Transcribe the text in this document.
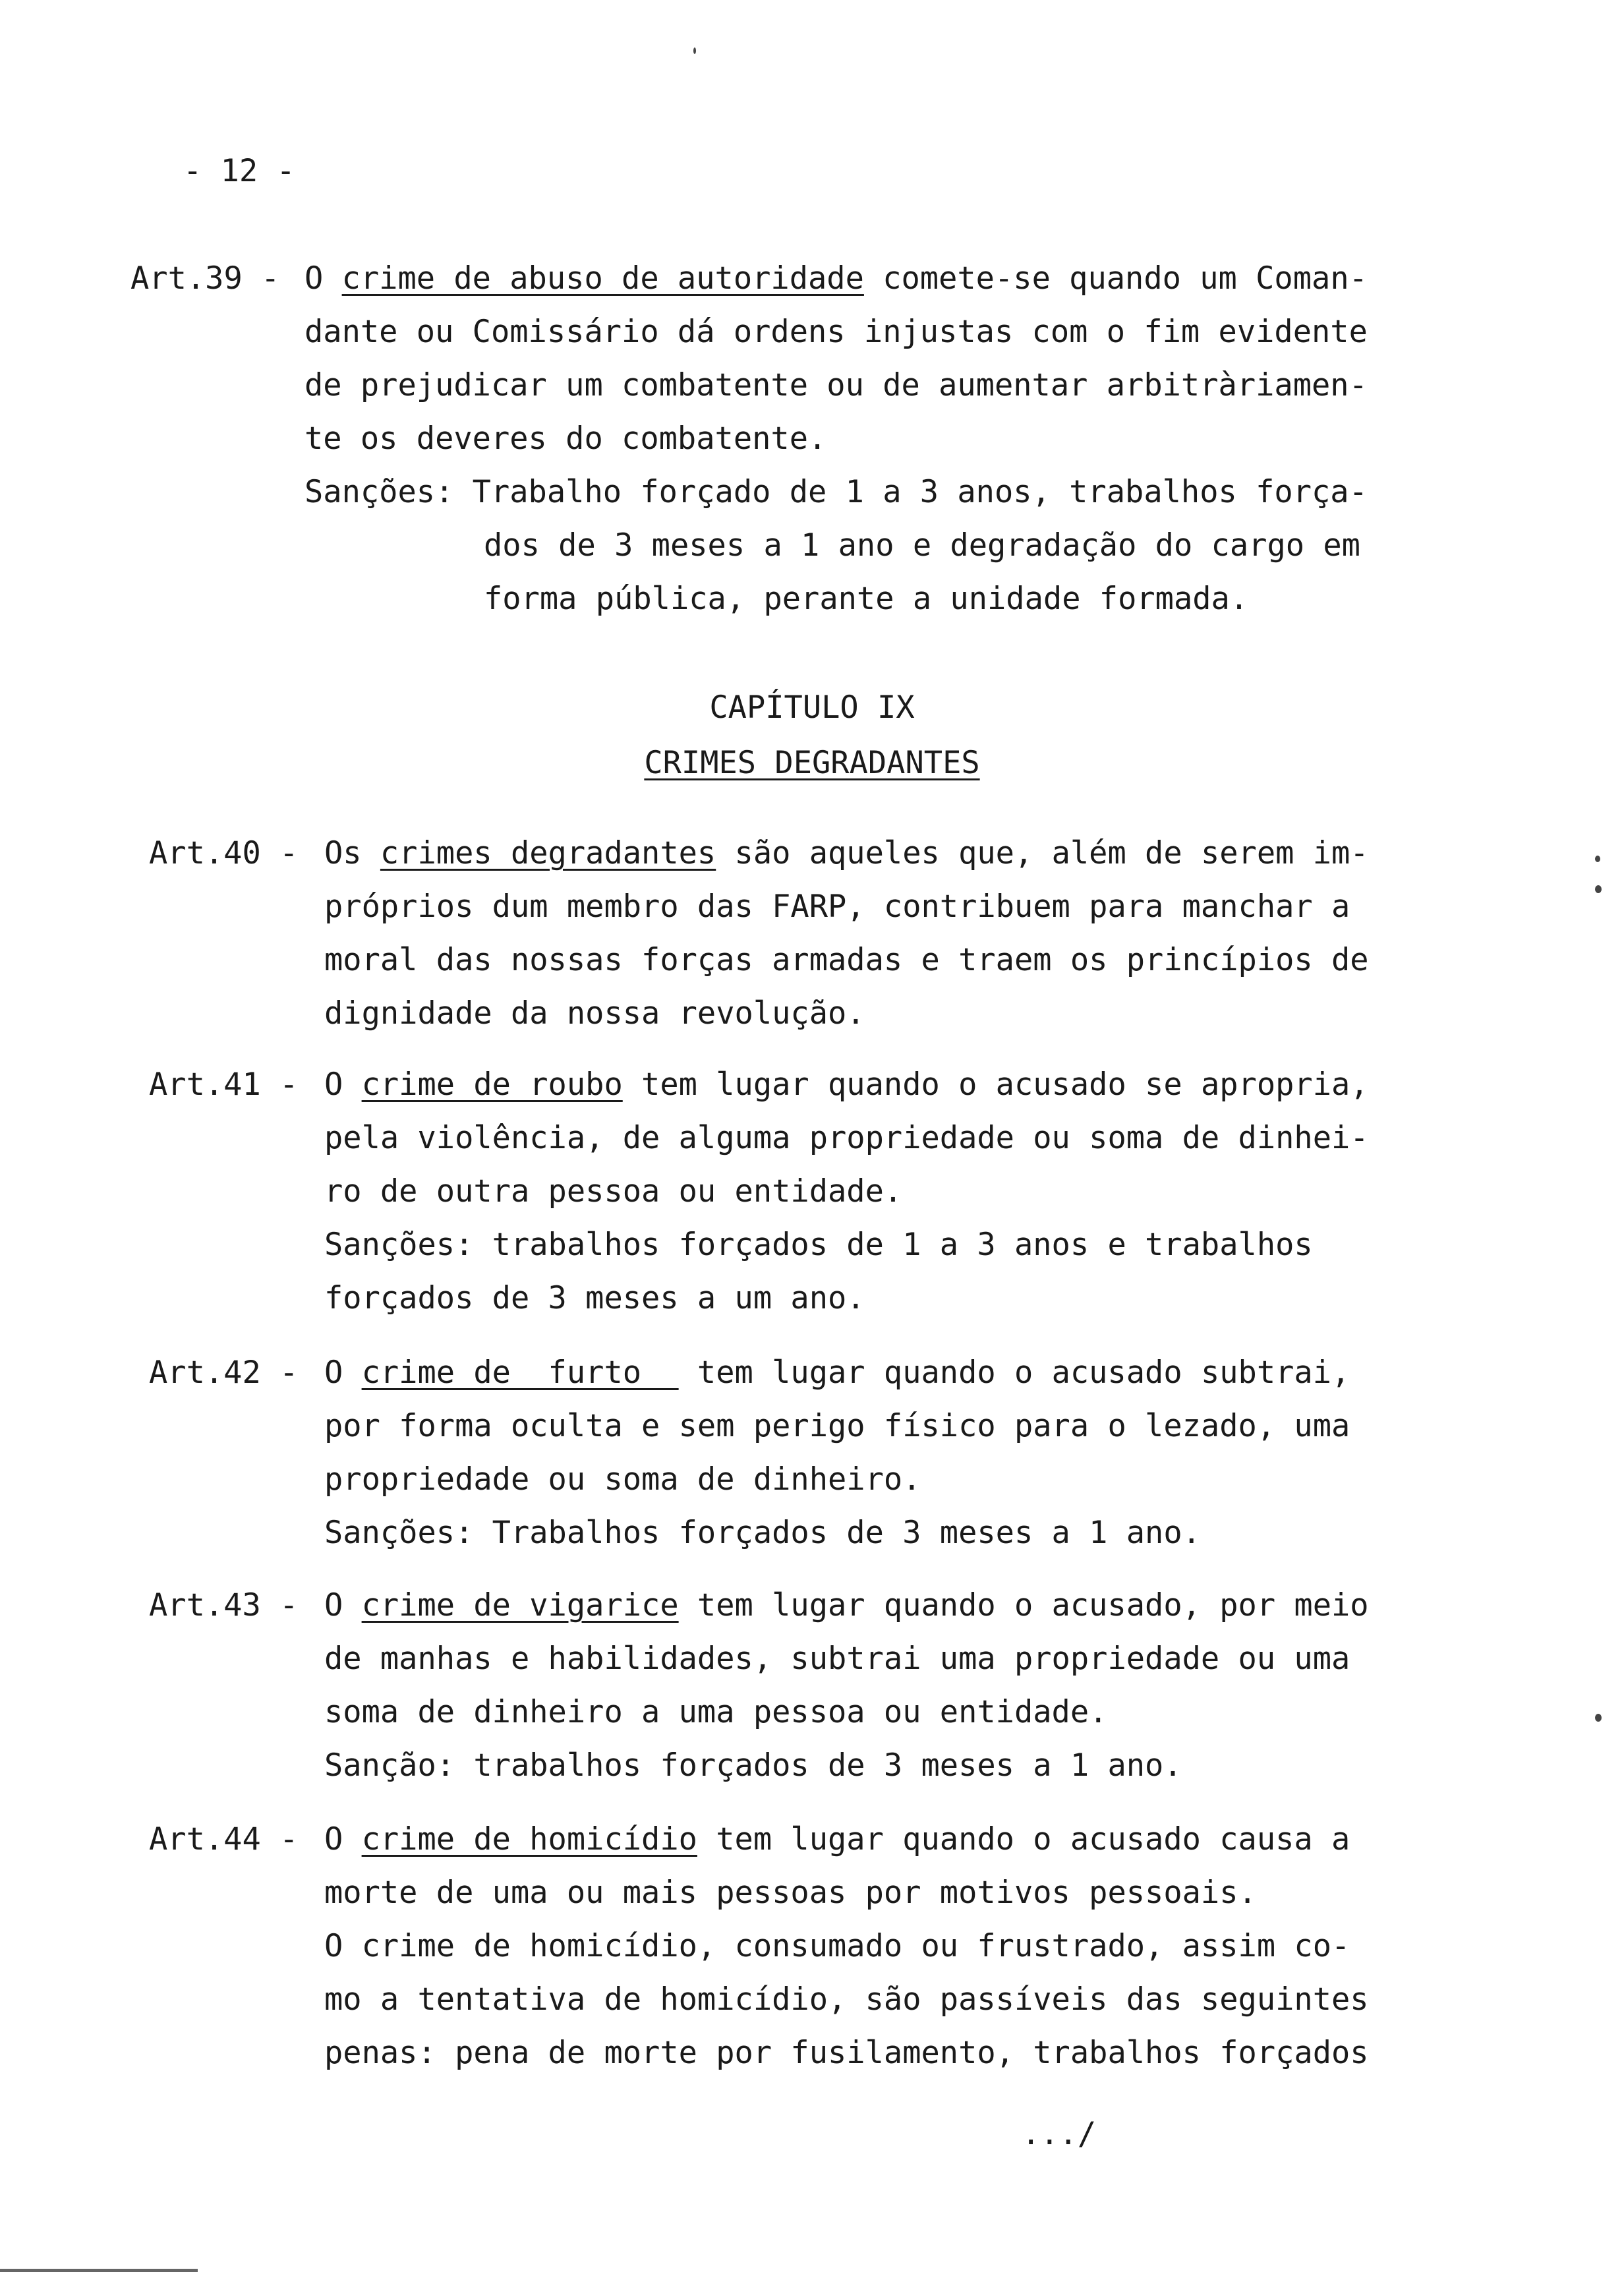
- 12 -
Art.39 - O crime de abuso de autoridade comete-se quando um Coman-
dante ou Comissário dá ordens injustas com o fim evidente
de prejudicar um combatente ou de aumentar arbitràriamen-
te os deveres do combatente.
Sanções: Trabalho forçado de 1 a 3 anos, trabalhos força-
dos de 3 meses a 1 ano e degradação do cargo em
forma pública, perante a unidade formada.
CAPÍTULO IX
CRIMES DEGRADANTES
Art.40 - Os crimes degradantes são aqueles que, além de serem im-
próprios dum membro das FARP, contribuem para manchar a
moral das nossas forças armadas e traem os princípios de
dignidade da nossa revolução.
Art.41 - O crime de roubo tem lugar quando o acusado se apropria,
pela violência, de alguma propriedade ou soma de dinhei-
ro de outra pessoa ou entidade.
Sanções: trabalhos forçados de 1 a 3 anos e trabalhos
forçados de 3 meses a um ano.
Art.42 - O crime de  furto   tem lugar quando o acusado subtrai,
por forma oculta e sem perigo físico para o lezado, uma
propriedade ou soma de dinheiro.
Sanções: Trabalhos forçados de 3 meses a 1 ano.
Art.43 - O crime de vigarice tem lugar quando o acusado, por meio
de manhas e habilidades, subtrai uma propriedade ou uma
soma de dinheiro a uma pessoa ou entidade.
Sanção: trabalhos forçados de 3 meses a 1 ano.
Art.44 - O crime de homicídio tem lugar quando o acusado causa a
morte de uma ou mais pessoas por motivos pessoais.
O crime de homicídio, consumado ou frustrado, assim co-
mo a tentativa de homicídio, são passíveis das seguintes
penas: pena de morte por fusilamento, trabalhos forçados
.../
